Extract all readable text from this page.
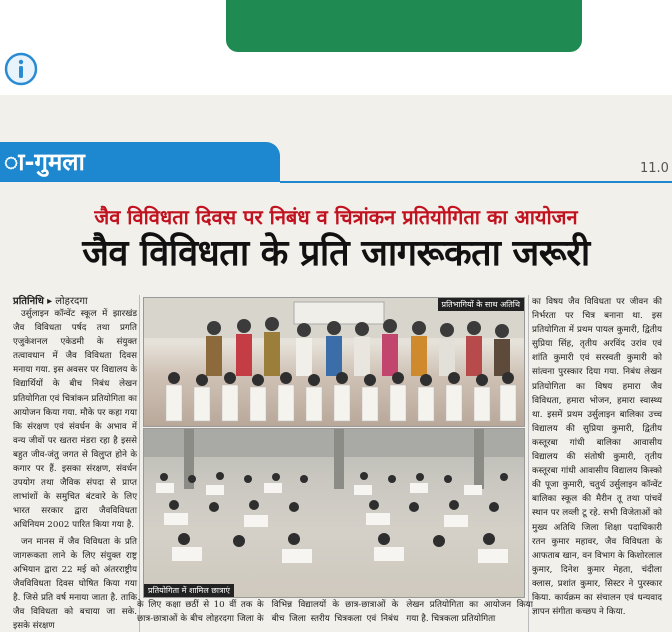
ा-गुमला	11.0
जैव विविधता दिवस पर निबंध व चित्रांकन प्रतियोगिता का आयोजन
जैव विविधता के प्रति जागरूकता जरूरी
प्रतिनिधि ▸ लोहरदगा

उर्सुलाइन कॉन्वेंट स्कूल में झारखंड जैव विविधता पर्षद तथा प्रगति एजुकेशनल एकेडमी के संयुक्त तत्वावधान में जैव विविधता दिवस मनाया गया. इस अवसर पर विद्यालय के विद्यार्थियों के बीच निबंध लेखन प्रतियोगिता एवं चित्रांकन प्रतियोगिता का आयोजन किया गया. मौके पर कहा गया कि संरक्षण एवं संवर्धन के अभाव में वन्य जीवों पर खतरा मंडरा रहा है इससे बहुत जीव-जंतु जगत से विलुप्त होने के कगार पर हैं. इसका संरक्षण, संवर्धन उपयोग तथा जैविक संपदा से प्राप्त लाभांशों के समुचित बंटवारे के लिए भारत सरकार द्वारा जैवविविधता अधिनियम 2002 पारित किया गया है.

जन मानस में जैव विविधता के प्रति जागरूकता लाने के लिए संयुक्त राष्ट्र अभियान द्वारा 22 मई को अंतरराष्ट्रीय जैवविविधता दिवस घोषित किया गया है. जिसे प्रति वर्ष मनाया जाता है. ताकि जैव विविधता को बचाया जा सके. इसके संरक्षण

प्रतिभागियों के साथ अतिथि
प्रतियोगिता में शामिल छात्राएं
का विषय जैव विविधता पर जीवन की निर्भरता पर चित्र बनाना था. इस प्रतियोगिता में प्रथम पायल कुमारी, द्वितीय सुप्रिया सिंह, तृतीय अरविंद उरांव एवं शांति कुमारी एवं सरस्वती कुमारी को सांत्वना पुरस्कार दिया गया. निबंध लेखन प्रतियोगिता का विषय हमारा जैव विविधता, हमारा भोजन, हमारा स्वास्थ्य था. इसमें प्रथम उर्सुलाइन बालिका उच्च विद्यालय की सुप्रिया कुमारी, द्वितीय कस्तूरबा गांधी बालिका आवासीय विद्यालय की संतोषी कुमारी, तृतीय कस्तूरबा गांधी आवासीय विद्यालय किस्को की पूजा कुमारी, चतुर्थ उर्सुलाइन कॉन्वेंट बालिका स्कूल की मैरीन तू तथा पांचवें स्थान पर लव्ली टू रहे. सभी विजेताओं को मुख्य अतिथि जिला शिक्षा पदाधिकारी रतन कुमार महावर, जैव विविधता के आफताब खान, वन विभाग के किशोरलाल कुमार, दिनेश कुमार मेहता, चंदीला क्लास, प्रशांत कुमार, सिस्टर ने पुरस्कार किया. कार्यक्रम का संचालन एवं धन्यवाद ज्ञापन संगीता कच्छप ने किया.
के लिए कक्षा छठीं से 10 वीं तक के छात्र-छात्राओं के बीच लोहरदगा जिला के विभिन्न विद्यालयों के छात्र-छात्राओं के बीच जिला स्तरीय चित्रकला एवं निबंध लेखन प्रतियोगिता का आयोजन किया गया है. चित्रकला प्रतियोगिता
